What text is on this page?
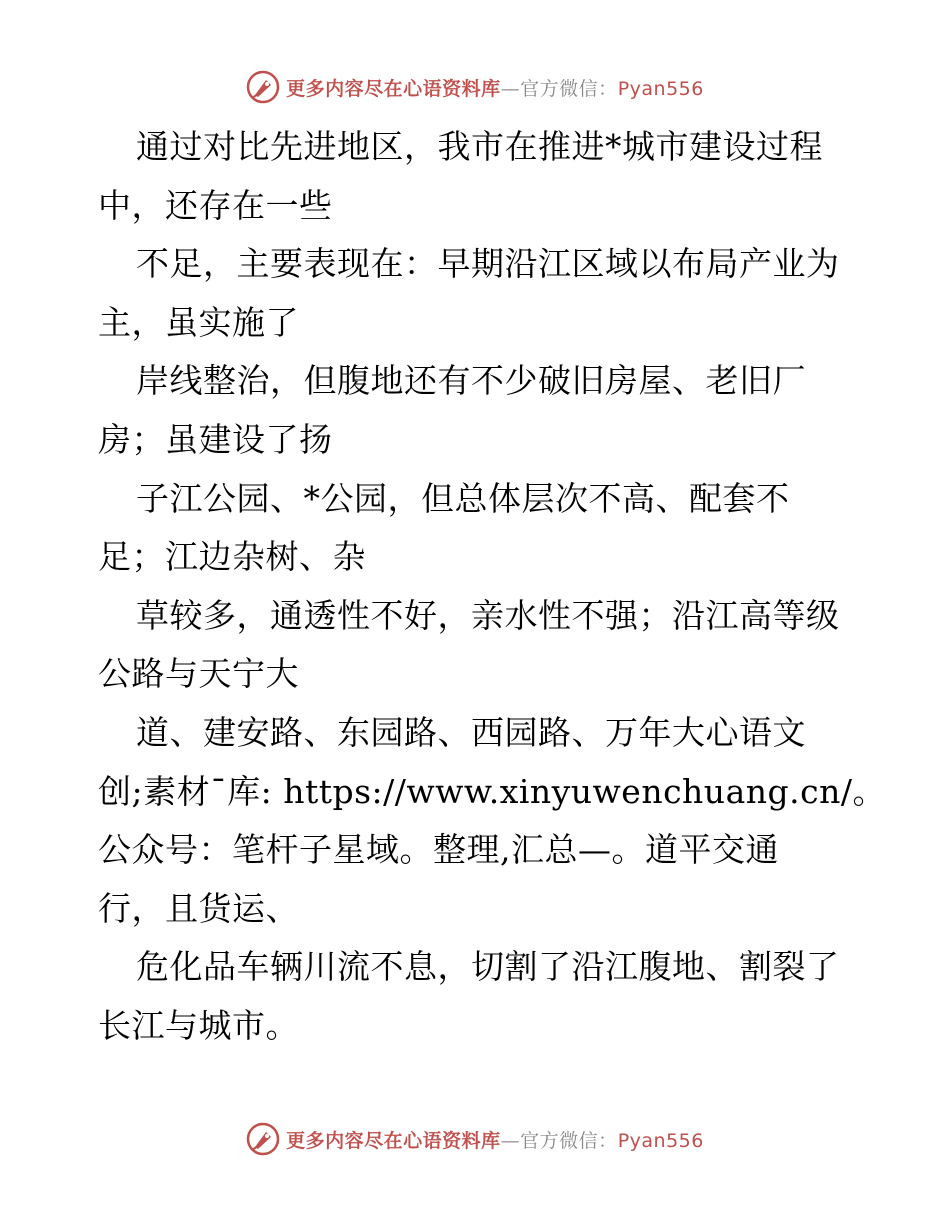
更多内容尽在心语资料库—官方微信：Pyan556
通过对比先进地区，我市在推进*城市建设过程
中，还存在一些
不足，主要表现在：早期沿江区域以布局产业为
主，虽实施了
岸线整治，但腹地还有不少破旧房屋、老旧厂
房；虽建设了扬
子江公园、*公园，但总体层次不高、配套不
足；江边杂树、杂
草较多，通透性不好，亲水性不强；沿江高等级
公路与天宁大
道、建安路、东园路、西园路、万年大心语文
创;素材¯库: https://www.xinyuwenchuang.cn/。
公众号：笔杆子星域。整理,汇总—。道平交通
行，且货运、
危化品车辆川流不息，切割了沿江腹地、割裂了
长江与城市。
更多内容尽在心语资料库—官方微信：Pyan556
